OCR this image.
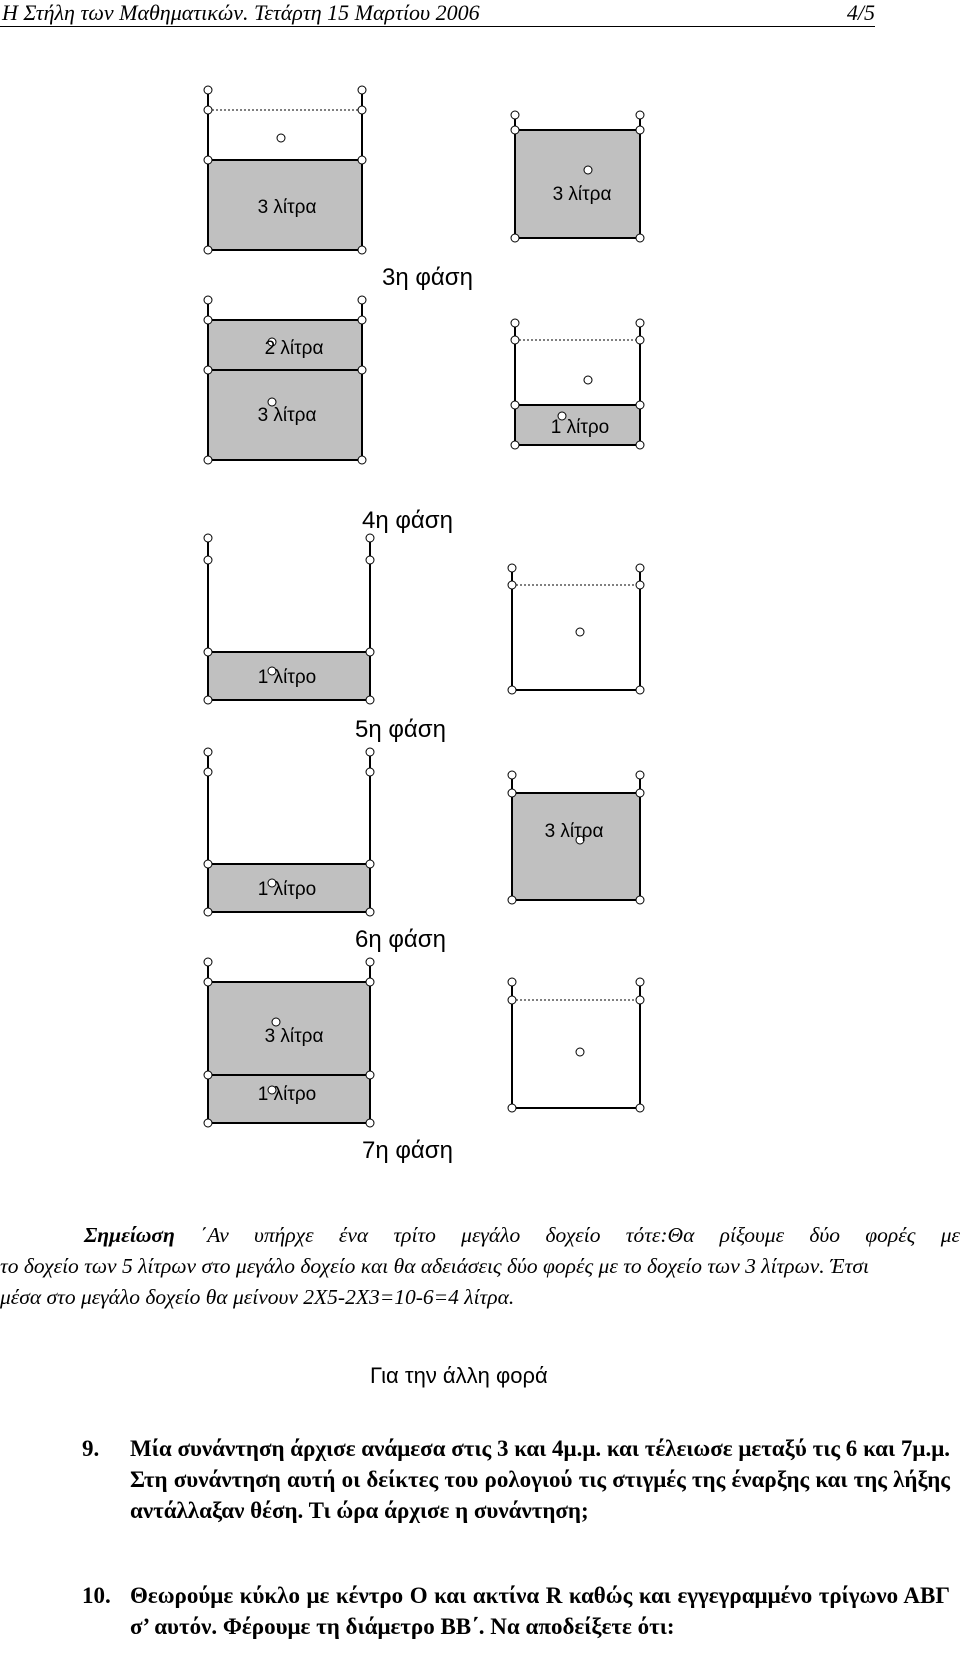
Η Στήλη των Μαθηματικών. Τετάρτη 15 Μαρτίου 2006	4/5
3 λίτρα
3 λίτρα
2 λίτρα
3 λίτρα
1 λίτρο
1 λίτρο
1 λίτρο
3 λίτρα
3 λίτρα
1 λίτρο
3η φάση
4η φάση
5η φάση
6η φάση
7η φάση
Σημείωση ΄Αν υπήρχε ένα τρίτο μεγάλο δοχείο τότε:Θα ρίξουμε δύο φορές με
το δοχείο των 5 λίτρων στο μεγάλο δοχείο και θα αδειάσεις δύο φορές με το δοχείο των 3 λίτρων. Έτσι μέσα στο μεγάλο δοχείο θα μείνουν 2Χ5-2Χ3=10-6=4 λίτρα.
Για την άλλη φορά
9. Μία συνάντηση άρχισε ανάμεσα στις 3 και 4μ.μ. και τέλειωσε μεταξύ τις 6 και 7μ.μ. Στη συνάντηση αυτή οι δείκτες του ρολογιού τις στιγμές της έναρξης και της λήξης αντάλλαξαν θέση. Τι ώρα άρχισε η συνάντηση;
10. Θεωρούμε κύκλο με κέντρο Ο και ακτίνα R καθώς και εγγεγραμμένο τρίγωνο ΑΒΓ σ’ αυτόν. Φέρουμε τη διάμετρο ΒΒ΄. Να αποδείξετε ότι:
